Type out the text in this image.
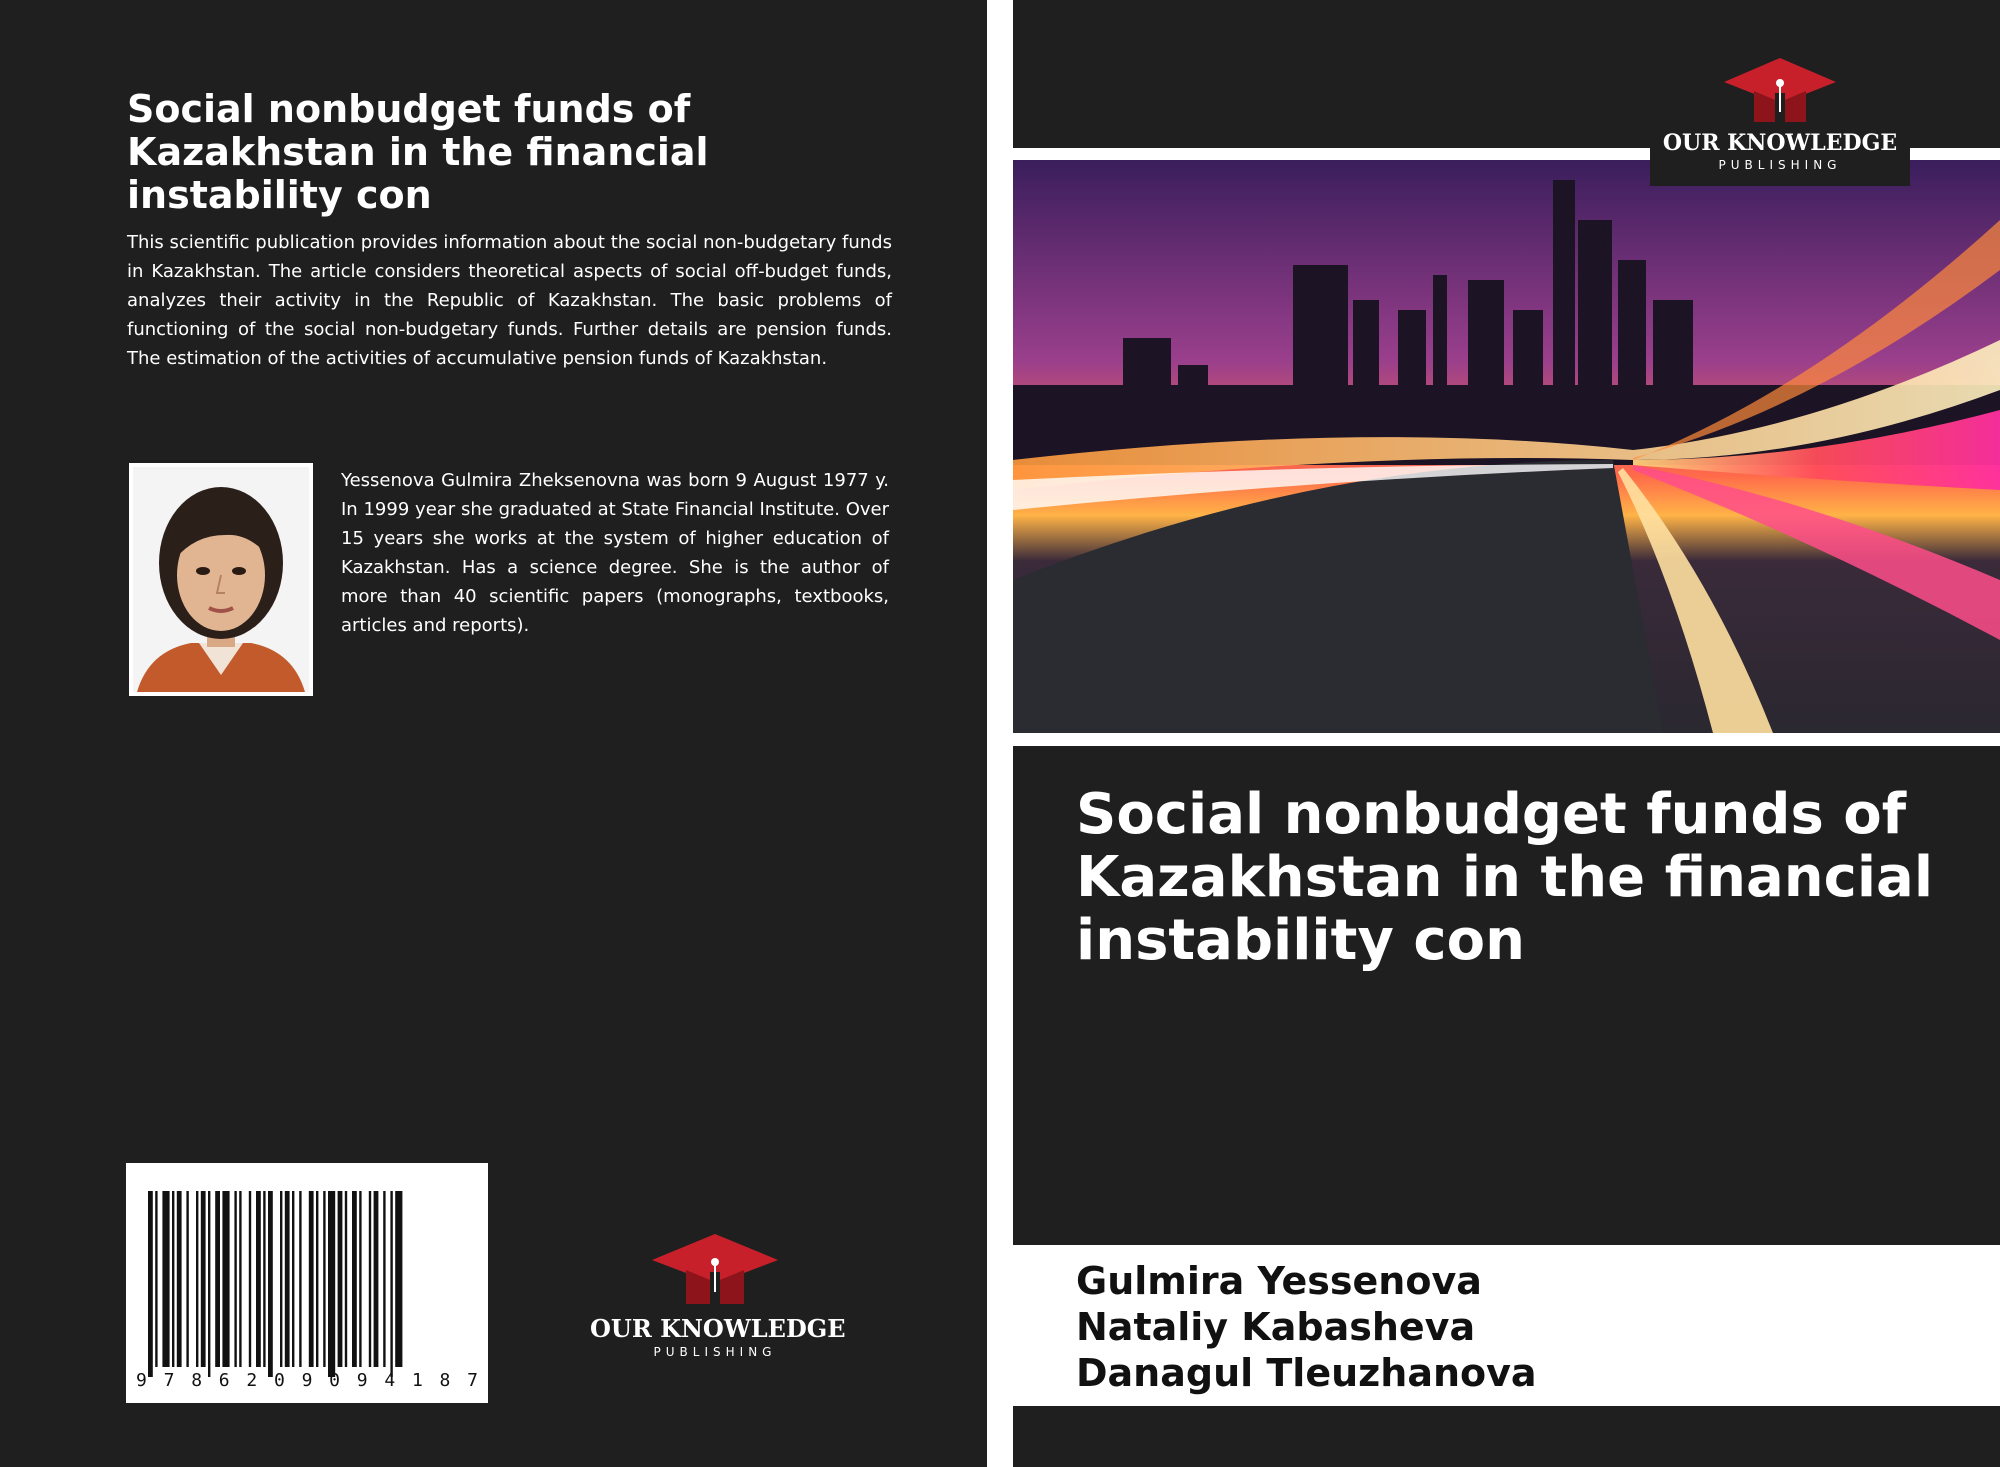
Social nonbudget funds of Kazakhstan in the financial instability con

This scientific publication provides information about the social non-budgetary funds in Kazakhstan. The article considers theoretical aspects of social off-budget funds, analyzes their activity in the Republic of Kazakhstan. The basic problems of functioning of the social non-budgetary funds. Further details are pension funds. The estimation of the activities of accumulative pension funds of Kazakhstan.

Yessenova Gulmira Zheksenovna was born 9 August 1977 y. In 1999 year she graduated at State Financial Institute. Over 15 years she works at the system of higher education of Kazakhstan. Has a science degree. She is the author of more than 40 scientific papers (monographs, textbooks, articles and reports).

9 7 8 6 2 0 9 0 9 4 1 8 7
OUR KNOWLEDGE
PUBLISHING
OUR KNOWLEDGE
PUBLISHING
Social nonbudget funds of Kazakhstan in the financial instability con
Gulmira Yessenova
Nataliy Kabasheva
Danagul Tleuzhanova
